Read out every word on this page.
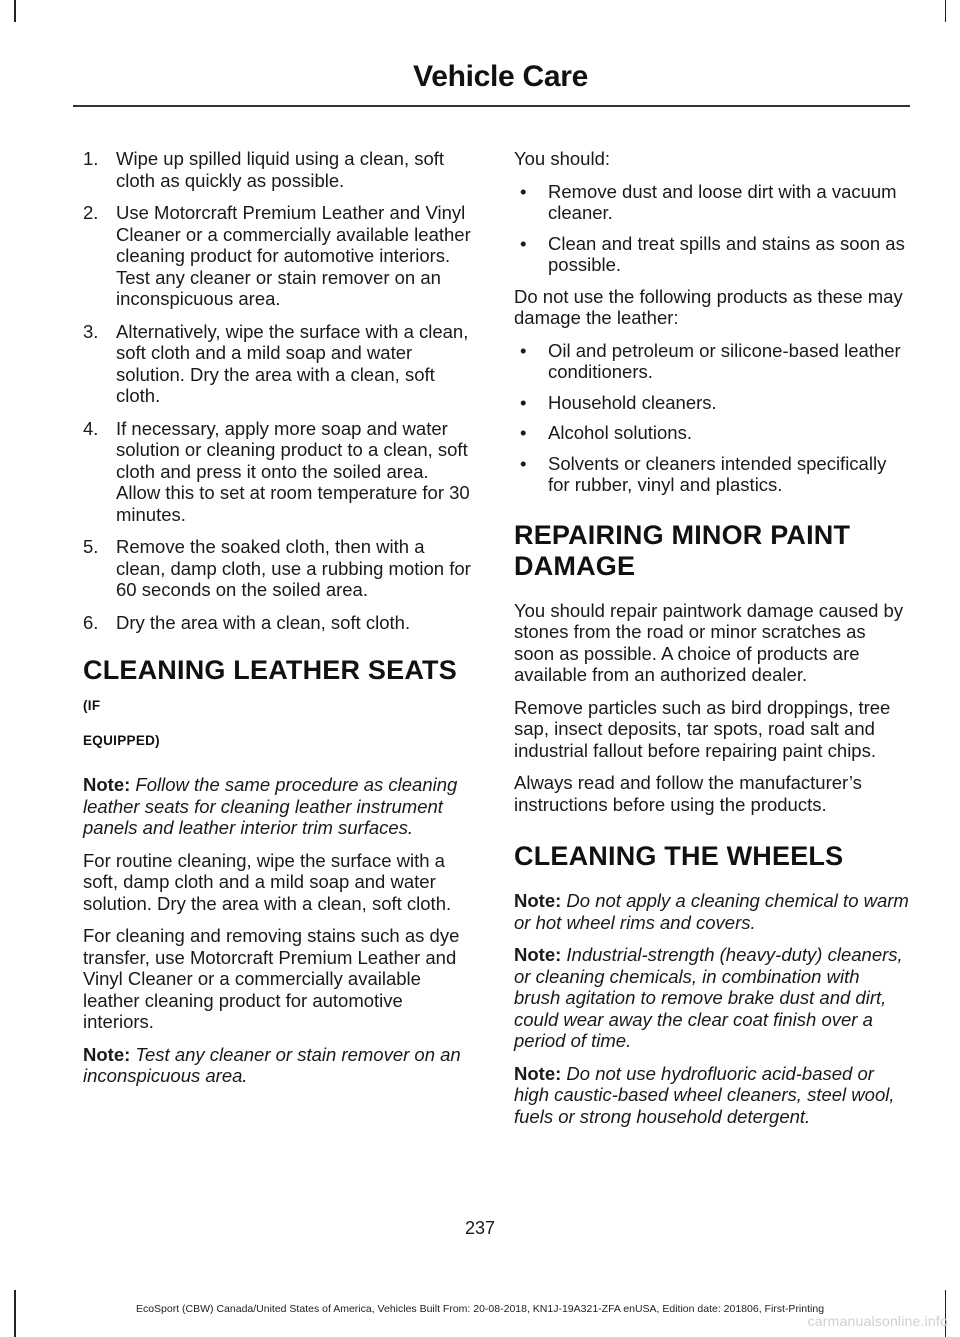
Vehicle Care
1. Wipe up spilled liquid using a clean, soft cloth as quickly as possible.
2. Use Motorcraft Premium Leather and Vinyl Cleaner or a commercially available leather cleaning product for automotive interiors. Test any cleaner or stain remover on an inconspicuous area.
3. Alternatively, wipe the surface with a clean, soft cloth and a mild soap and water solution. Dry the area with a clean, soft cloth.
4. If necessary, apply more soap and water solution or cleaning product to a clean, soft cloth and press it onto the soiled area. Allow this to set at room temperature for 30 minutes.
5. Remove the soaked cloth, then with a clean, damp cloth, use a rubbing motion for 60 seconds on the soiled area.
6. Dry the area with a clean, soft cloth.
CLEANING LEATHER SEATS (IF
EQUIPPED)

Note: Follow the same procedure as cleaning leather seats for cleaning leather instrument panels and leather interior trim surfaces.

For routine cleaning, wipe the surface with a soft, damp cloth and a mild soap and water solution. Dry the area with a clean, soft cloth.

For cleaning and removing stains such as dye transfer, use Motorcraft Premium Leather and Vinyl Cleaner or a commercially available leather cleaning product for automotive interiors.

Note: Test any cleaner or stain remover on an inconspicuous area.

You should:

• Remove dust and loose dirt with a vacuum cleaner.
• Clean and treat spills and stains as soon as possible.

Do not use the following products as these may damage the leather:

• Oil and petroleum or silicone-based leather conditioners.
• Household cleaners.
• Alcohol solutions.
• Solvents or cleaners intended specifically for rubber, vinyl and plastics.
REPAIRING MINOR PAINT DAMAGE

You should repair paintwork damage caused by stones from the road or minor scratches as soon as possible. A choice of products are available from an authorized dealer.

Remove particles such as bird droppings, tree sap, insect deposits, tar spots, road salt and industrial fallout before repairing paint chips.

Always read and follow the manufacturer’s instructions before using the products.

CLEANING THE WHEELS

Note: Do not apply a cleaning chemical to warm or hot wheel rims and covers.

Note: Industrial-strength (heavy-duty) cleaners, or cleaning chemicals, in combination with brush agitation to remove brake dust and dirt, could wear away the clear coat finish over a period of time.

Note: Do not use hydrofluoric acid-based or high caustic-based wheel cleaners, steel wool, fuels or strong household detergent.

237
EcoSport (CBW) Canada/United States of America, Vehicles Built From: 20-08-2018, KN1J-19A321-ZFA enUSA, Edition date: 201806, First-Printing
carmanualsonline.info
